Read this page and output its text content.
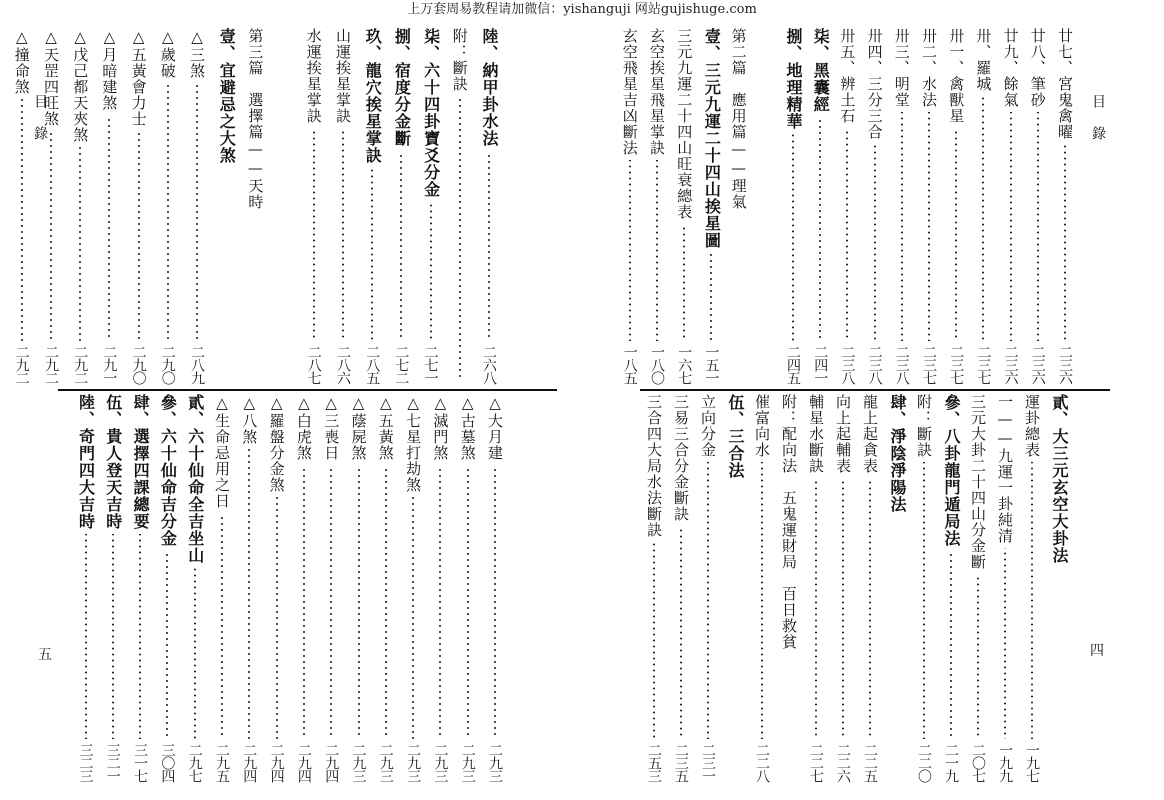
上万套周易教程请加微信：yishanguji 网站gujishuge.com
目錄
五
陸、納甲卦水法
二六八
附：斷訣
柒、六十四卦寶爻分金
二七一
捌、宿度分金斷
二七二
玖、龍穴挨星掌訣
二八五
山運挨星掌訣
二八六
水運挨星掌訣
二八七
第三篇　選擇篇——天時
壹、宜避忌之大煞
△三煞
二八九
△歲破
二九〇
△五黃會力士
二九〇
△月暗建煞
二九一
△戊己都天夾煞
二九二
△天罡四旺煞
二九二
△撞命煞
二九二
△大月建
二九三
△古墓煞
二九三
△滅門煞
二九三
△七星打劫煞
二九三
△五黃煞
二九三
△蔭屍煞
二九三
△三喪日
二九四
△白虎煞
二九四
△羅盤分金煞
二九四
△八煞
二九四
△生命忌用之日
二九五
貳、六十仙命全吉坐山
二九七
參、六十仙命吉分金
三〇四
肆、選擇四課總要
三一七
伍、貴人登天吉時
三二一
陸、奇門四大吉時
三二三
目錄
四
廿七、宮鬼禽曜
二三六
廿八、筆砂
二三六
廿九、餘氣
二三六
卅、羅城
二三七
卅一、禽獸星
二三七
卅二、水法
二三七
卅三、明堂
二三八
卅四、三分三合
二三八
卅五、辨土石
二三八
柒、黑囊經
二四一
捌、地理精華
二四五
第二篇　應用篇——理氣
壹、三元九運二十四山挨星圖
一五一
三元九運二十四山旺衰總表
一六七
玄空挨星飛星掌訣
一八〇
玄空飛星吉凶斷法
一八五
貳、大三元玄空大卦法
運卦總表
一九七
一——九運一卦純清
一九九
三元大卦二十四山分金斷
二〇七
參、八卦龍門遁局法
二一九
附：斷訣
二二〇
肆、淨陰淨陽法
龍上起貪表
二二五
向上起輔表
二二六
輔星水斷訣
二二七
附：配向法　五鬼運財局　百日救貧
催富向水
二二八
伍、三合法
立向分金
二三一
三易三合分金斷訣
二三五
三合四大局水法斷訣
二五三
